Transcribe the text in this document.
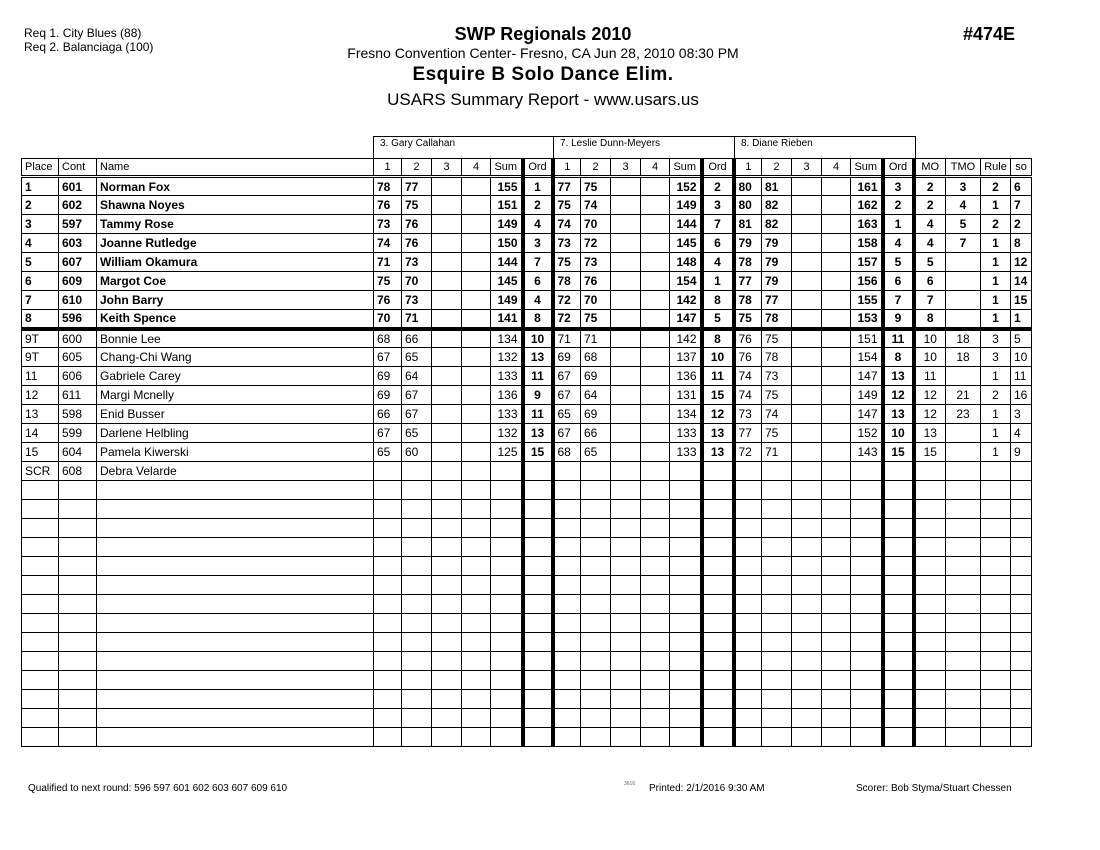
Req 1. City Blues (88)
Req 2. Balanciaga (100)
SWP Regionals 2010
Fresno Convention Center- Fresno, CA Jun 28, 2010 08:30 PM
Esquire B Solo Dance Elim.
USARS Summary Report - www.usars.us
#474E
3. Gary Callahan	7. Leslie Dunn-Meyers	8. Diane Rieben
Place	Cont	Name	1	2	3	4	Sum	Ord	1	2	3	4	Sum	Ord	1	2	3	4	Sum	Ord	MO	TMO	Rule	so
1	601	Norman Fox	78	77			155	1	77	75			152	2	80	81			161	3	2	3	2	6
2	602	Shawna Noyes	76	75			151	2	75	74			149	3	80	82			162	2	2	4	1	7
3	597	Tammy Rose	73	76			149	4	74	70			144	7	81	82			163	1	4	5	2	2
4	603	Joanne Rutledge	74	76			150	3	73	72			145	6	79	79			158	4	4	7	1	8
5	607	William Okamura	71	73			144	7	75	73			148	4	78	79			157	5	5		1	12
6	609	Margot Coe	75	70			145	6	78	76			154	1	77	79			156	6	6		1	14
7	610	John Barry	76	73			149	4	72	70			142	8	78	77			155	7	7		1	15
8	596	Keith Spence	70	71			141	8	72	75			147	5	75	78			153	9	8		1	1
9T	600	Bonnie Lee	68	66			134	10	71	71			142	8	76	75			151	11	10	18	3	5
9T	605	Chang-Chi Wang	67	65			132	13	69	68			137	10	76	78			154	8	10	18	3	10
11	606	Gabriele Carey	69	64			133	11	67	69			136	11	74	73			147	13	11		1	11
12	611	Margi Mcnelly	69	67			136	9	67	64			131	15	74	75			149	12	12	21	2	16
13	598	Enid Busser	66	67			133	11	65	69			134	12	73	74			147	13	12	23	1	3
14	599	Darlene Helbling	67	65			132	13	67	66			133	13	77	75			152	10	13		1	4
15	604	Pamela Kiwerski	65	60			125	15	68	65			133	13	72	71			143	15	15		1	9
SCR	608	Debra Velarde																						

Qualified to next round: 596 597 601 602 603 607 609 610	3616 Printed: 2/1/2016 9:30 AM	Scorer: Bob Styma/Stuart Chessen
